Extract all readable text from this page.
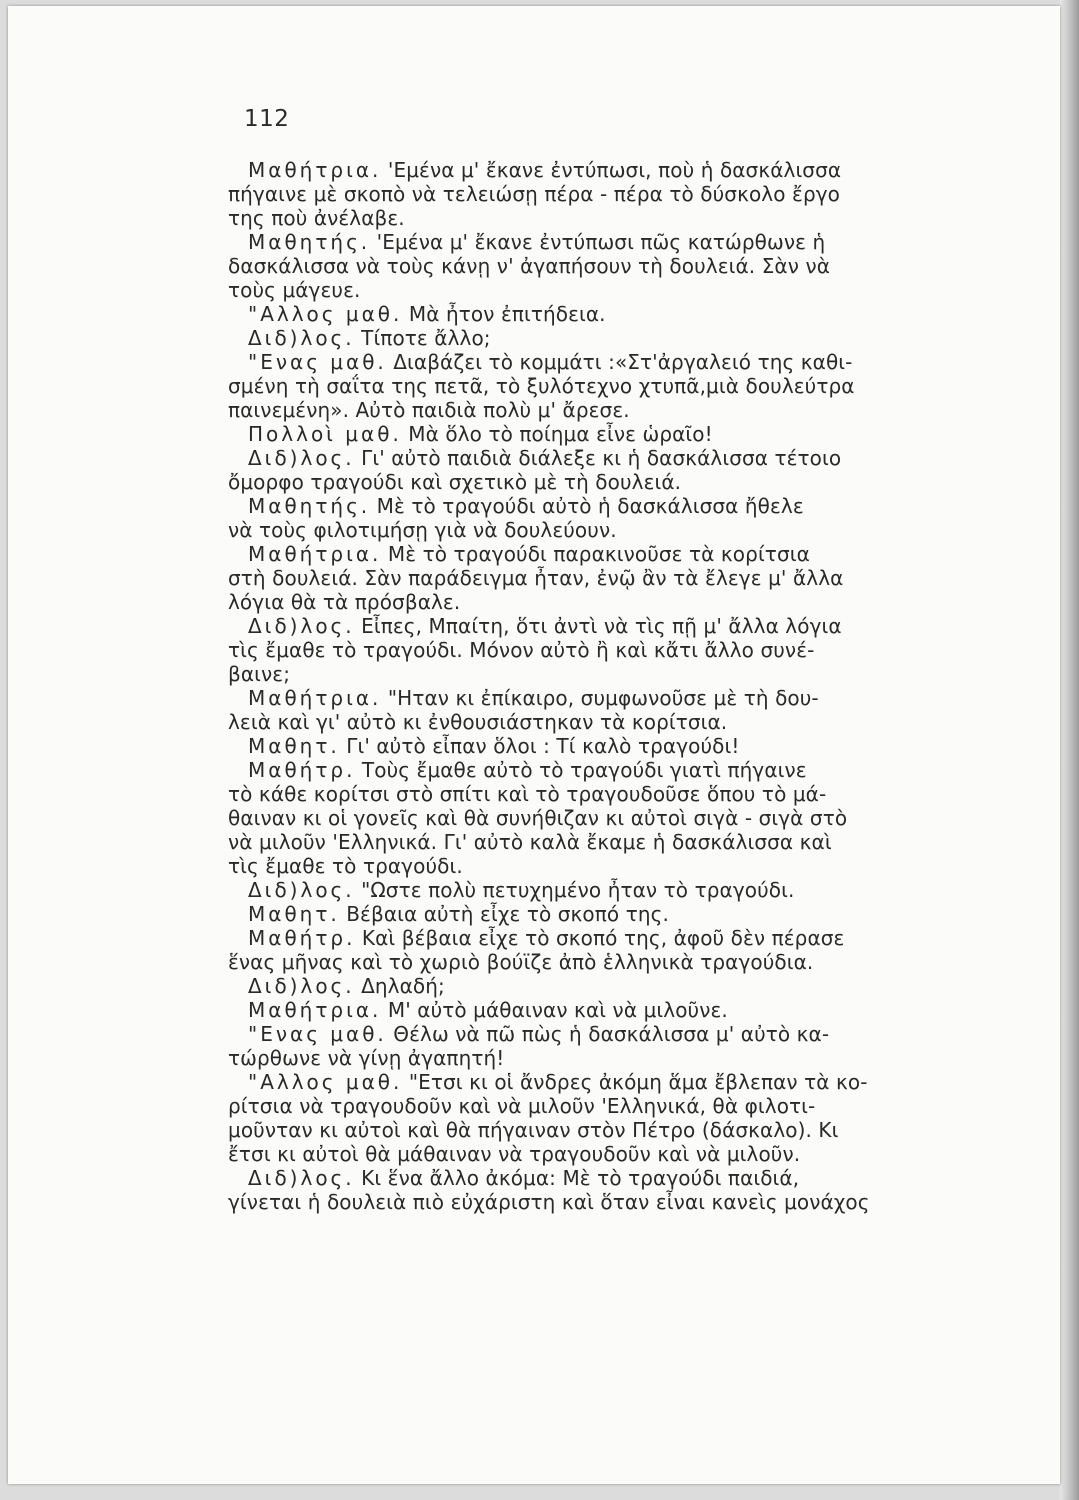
112
Μαθήτρια. 'Εμένα μ' ἔκανε ἐντύπωσι, ποὺ ἡ δασκάλισσα
πήγαινε μὲ σκοπὸ νὰ τελειώσῃ πέρα - πέρα τὸ δύσκολο ἔργο
της ποὺ ἀνέλαβε.
Μαθητής. 'Εμένα μ' ἔκανε ἐντύπωσι πῶς κατώρθωνε ἡ
δασκάλισσα νὰ τοὺς κάνῃ ν' ἀγαπήσουν τὴ δουλειά. Σὰν νὰ
τοὺς μάγευε.
"Αλλος μαθ. Μὰ ἦτον ἐπιτήδεια.
Διδ)λος. Τίποτε ἄλλο;
"Ενας μαθ. Διαβάζει τὸ κομμάτι :«Στ'ἀργαλειό της καθι-
σμένη τὴ σαΐτα της πετᾶ, τὸ ξυλότεχνο χτυπᾶ,μιὰ δουλεύτρα
παινεμένη». Αὐτὸ παιδιὰ πολὺ μ' ἄρεσε.
Πολλοὶ μαθ. Μὰ ὅλο τὸ ποίημα εἶνε ὡραῖο!
Διδ)λος. Γι' αὐτὸ παιδιὰ διάλεξε κι ἡ δασκάλισσα τέτοιο
ὄμορφο τραγούδι καὶ σχετικὸ μὲ τὴ δουλειά.
Μαθητής. Μὲ τὸ τραγούδι αὐτὸ ἡ δασκάλισσα ἤθελε
νὰ τοὺς φιλοτιμήσῃ γιὰ νὰ δουλεύουν.
Μαθήτρια. Μὲ τὸ τραγούδι παρακινοῦσε τὰ κορίτσια
στὴ δουλειά. Σὰν παράδειγμα ἦταν, ἐνῷ ἂν τὰ ἔλεγε μ' ἄλλα
λόγια θὰ τὰ πρόσβαλε.
Διδ)λος. Εἶπες, Μπαίτη, ὅτι ἀντὶ νὰ τὶς πῇ μ' ἄλλα λόγια
τὶς ἔμαθε τὸ τραγούδι. Μόνον αὐτὸ ἢ καὶ κἄτι ἄλλο συνέ-
βαινε;
Μαθήτρια. "Ηταν κι ἐπίκαιρο, συμφωνοῦσε μὲ τὴ δου-
λειὰ καὶ γι' αὐτὸ κι ἐνθουσιάστηκαν τὰ κορίτσια.
Μαθητ. Γι' αὐτὸ εἶπαν ὅλοι : Τί καλὸ τραγούδι!
Μαθήτρ. Τοὺς ἔμαθε αὐτὸ τὸ τραγούδι γιατὶ πήγαινε
τὸ κάθε κορίτσι στὸ σπίτι καὶ τὸ τραγουδοῦσε ὅπου τὸ μά-
θαιναν κι οἱ γονεῖς καὶ θὰ συνήθιζαν κι αὐτοὶ σιγὰ - σιγὰ στὸ
νὰ μιλοῦν 'Ελληνικά. Γι' αὐτὸ καλὰ ἔκαμε ἡ δασκάλισσα καὶ
τὶς ἔμαθε τὸ τραγούδι.
Διδ)λος. "Ωστε πολὺ πετυχημένο ἦταν τὸ τραγούδι.
Μαθητ. Βέβαια αὐτὴ εἶχε τὸ σκοπό της.
Μαθήτρ. Καὶ βέβαια εἶχε τὸ σκοπό της, ἀφοῦ δὲν πέρασε
ἕνας μῆνας καὶ τὸ χωριὸ βούϊζε ἀπὸ ἑλληνικὰ τραγούδια.
Διδ)λος. Δηλαδή;
Μαθήτρια. Μ' αὐτὸ μάθαιναν καὶ νὰ μιλοῦνε.
"Ενας μαθ. Θέλω νὰ πῶ πὼς ἡ δασκάλισσα μ' αὐτὸ κα-
τώρθωνε νὰ γίνῃ ἀγαπητή!
"Αλλος μαθ. "Ετσι κι οἱ ἄνδρες ἀκόμη ἅμα ἔβλεπαν τὰ κο-
ρίτσια νὰ τραγουδοῦν καὶ νὰ μιλοῦν 'Ελληνικά, θὰ φιλοτι-
μοῦνταν κι αὐτοὶ καὶ θὰ πήγαιναν στὸν Πέτρο (δάσκαλο). Κι
ἔτσι κι αὐτοὶ θὰ μάθαιναν νὰ τραγουδοῦν καὶ νὰ μιλοῦν.
Διδ)λος. Κι ἕνα ἄλλο ἀκόμα: Μὲ τὸ τραγούδι παιδιά,
γίνεται ἡ δουλειὰ πιὸ εὐχάριστη καὶ ὅταν εἶναι κανεὶς μονάχος
